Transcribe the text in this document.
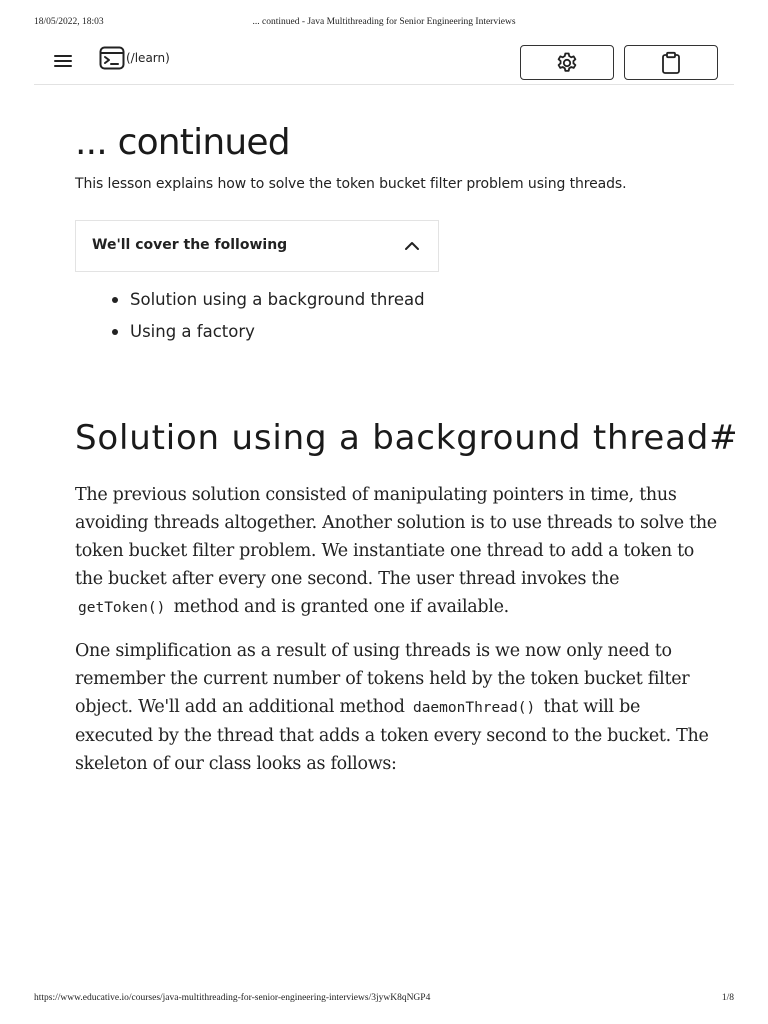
18/05/2022, 18:03	... continued - Java Multithreading for Senior Engineering Interviews
(/learn)
... continued

This lesson explains how to solve the token bucket filter problem using threads.

We'll cover the following
Solution using a background thread
Using a factory
Solution using a background thread#
The previous solution consisted of manipulating pointers in time, thus
avoiding threads altogether. Another solution is to use threads to solve the
token bucket filter problem. We instantiate one thread to add a token to
the bucket after every one second. The user thread invokes the
getToken() method and is granted one if available.
One simplification as a result of using threads is we now only need to
remember the current number of tokens held by the token bucket filter
object. We'll add an additional method daemonThread() that will be
executed by the thread that adds a token every second to the bucket. The
skeleton of our class looks as follows:
https://www.educative.io/courses/java-multithreading-for-senior-engineering-interviews/3jywK8qNGP4	1/8
